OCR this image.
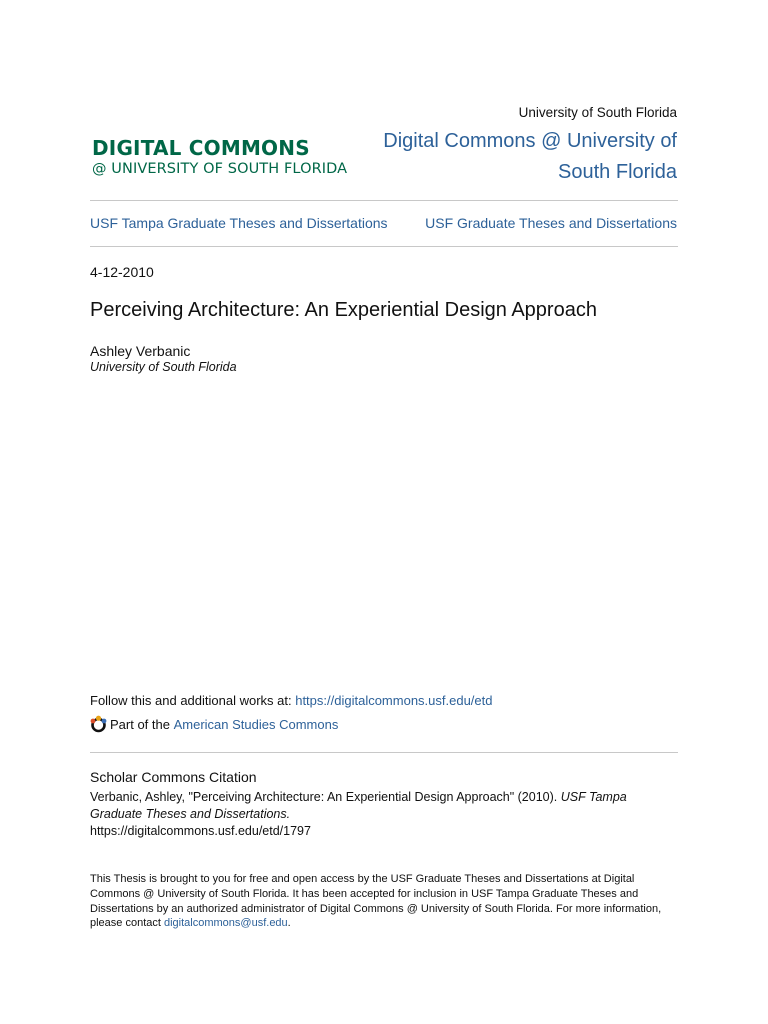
DIGITAL COMMONS
@ UNIVERSITY OF SOUTH FLORIDA
University of South Florida
Digital Commons @ University of South Florida
USF Tampa Graduate Theses and Dissertations	USF Graduate Theses and Dissertations
4-12-2010
Perceiving Architecture: An Experiential Design Approach
Ashley Verbanic
University of South Florida
Follow this and additional works at: https://digitalcommons.usf.edu/etd
Part of the
American Studies Commons
Scholar Commons Citation
Verbanic, Ashley, "Perceiving Architecture: An Experiential Design Approach" (2010). USF Tampa Graduate Theses and Dissertations.
https://digitalcommons.usf.edu/etd/1797
This Thesis is brought to you for free and open access by the USF Graduate Theses and Dissertations at Digital Commons @ University of South Florida. It has been accepted for inclusion in USF Tampa Graduate Theses and Dissertations by an authorized administrator of Digital Commons @ University of South Florida. For more information, please contact digitalcommons@usf.edu.
